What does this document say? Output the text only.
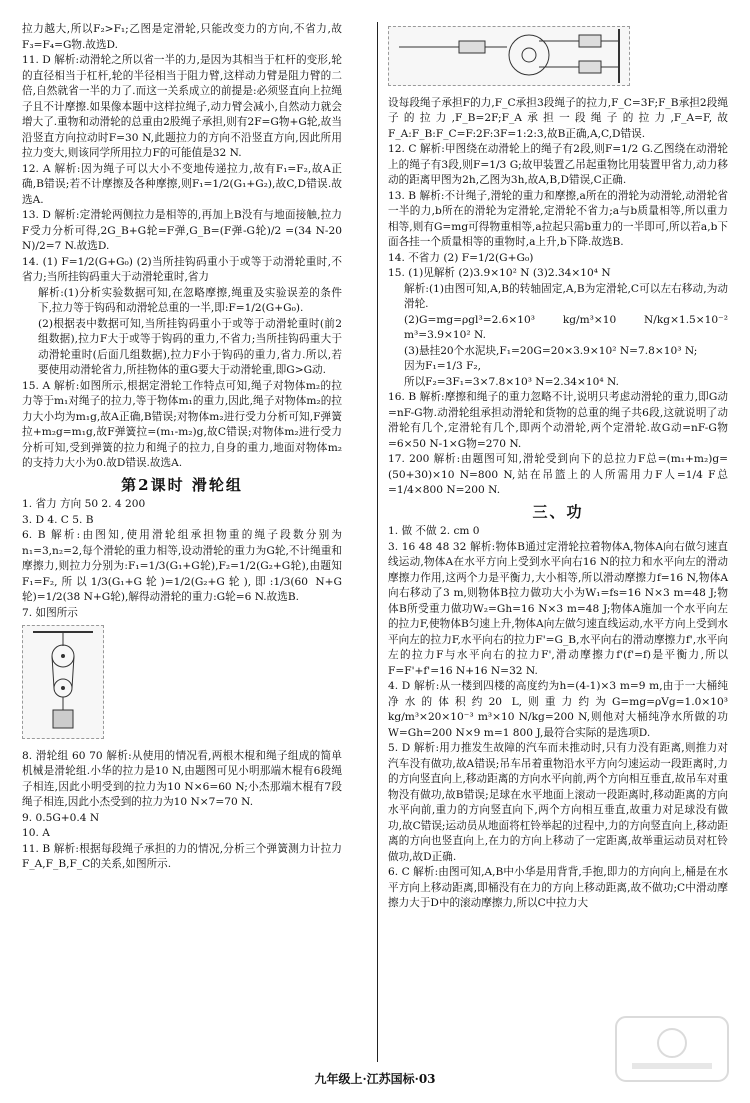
拉力越大,所以F₂>F₁;乙图是定滑轮,只能改变力的方向,不省力,故F₃=F₄=G物.故选D.

11. D 解析:动滑轮之所以省一半的力,是因为其相当于杠杆的变形,轮的直径相当于杠杆,轮的半径相当于阻力臂,这样动力臂是阻力臂的二倍,自然就省一半的力了.而这一关系成立的前提是:必须竖直向上拉绳子且不计摩擦.如果像本题中这样拉绳子,动力臂会减小,自然动力就会增大了.重物和动滑轮的总重由2股绳子承担,则有2F=G物+G轮,故当沿竖直方向拉动时F=30 N,此题拉力的方向不沿竖直方向,因此所用拉力变大,则该同学所用拉力F的可能值是32 N.

12. A 解析:因为绳子可以大小不变地传递拉力,故有F₁=F₂,故A正确,B错误;若不计摩擦及各种摩擦,则F₁=1/2(G₁+G₂),故C,D错误.故选A.

13. D 解析:定滑轮两侧拉力是相等的,再加上B没有与地面接触,拉力F受力分析可得,2G_B+G轮=F弹,G_B=(F弹-G轮)/2 =(34 N-20 N)/2=7 N.故选D.

14. (1) F=1/2(G+G₀) (2)当所挂钩码重小于或等于动滑轮重时,不省力;当所挂钩码重大于动滑轮重时,省力

解析:(1)分析实验数据可知,在忽略摩擦,绳重及实验误差的条件下,拉力等于钩码和动滑轮总重的一半,即:F=1/2(G+G₀).

(2)根据表中数据可知,当所挂钩码重小于或等于动滑轮重时(前2组数据),拉力F大于或等于钩码的重力,不省力;当所挂钩码重大于动滑轮重时(后面几组数据),拉力F小于钩码的重力,省力.所以,若要使用动滑轮省力,所挂物体的重G要大于动滑轮重,即G>G动.

15. A 解析:如图所示,根据定滑轮工作特点可知,绳子对物体m₂的拉力等于m₁对绳子的拉力,等于物体m₁的重力,因此,绳子对物体m₂的拉力大小均为m₁g,故A正确,B错误;对物体m₂进行受力分析可知,F弹簧拉+m₂g=m₁g,故F弹簧拉=(m₁-m₂)g,故C错误;对物体m₂进行受力分析可知,受到弹簧的拉力和绳子的拉力,自身的重力,地面对物体m₂的支持力大小为0.故D错误.故选A.

第2课时 滑轮组

1. 省力 方向 50 2. 4 200

3. D 4. C 5. B

6. B 解析:由图知,使用滑轮组承担物重的绳子段数分别为n₁=3,n₂=2,每个滑轮的重力相等,设动滑轮的重力为G轮,不计绳重和摩擦力,则拉力分别为:F₁=1/3(G₁+G轮),F₂=1/2(G₂+G轮),由题知F₁=F₂,所以1/3(G₁+G轮)=1/2(G₂+G轮),即:1/3(60 N+G轮)=1/2(38 N+G轮),解得动滑轮的重力:G轮=6 N.故选B.

7. 如图所示

8. 滑轮组 60 70 解析:从使用的情况看,两根木棍和绳子组成的简单机械是滑轮组.小华的拉力是10 N,由题图可见小明那端木棍有6段绳子相连,因此小明受到的拉力为10 N×6=60 N;小杰那端木棍有7段绳子相连,因此小杰受到的拉力为10 N×7=70 N.

9. 0.5G+0.4 N

10. A

11. B 解析:根据每段绳子承担的力的情况,分析三个弹簧测力计拉力F_A,F_B,F_C的关系,如图所示.

设每段绳子承担F的力,F_C承担3段绳子的拉力,F_C=3F;F_B承担2段绳子的拉力,F_B=2F;F_A承担一段绳子的拉力,F_A=F,故F_A:F_B:F_C=F:2F:3F=1:2:3,故B正确,A,C,D错误.

12. C 解析:甲图绕在动滑轮上的绳子有2段,则F=1/2 G.乙图绕在动滑轮上的绳子有3段,则F=1/3 G;故甲装置乙吊起重物比用装置甲省力,动力移动的距离甲图为2h,乙图为3h,故A,B,D错误,C正确.

13. B 解析:不计绳子,滑轮的重力和摩擦,a所在的滑轮为动滑轮,动滑轮省一半的力,b所在的滑轮为定滑轮,定滑轮不省力;a与b质量相等,所以重力相等,则有G=mg可得物重相等,a拉起只需b重力的一半即可,所以若a,b下面各挂一个质量相等的重物时,a上升,b下降.故选B.

14. 不省力 (2) F=1/2(G+G₀)

15. (1)见解析 (2)3.9×10² N (3)2.34×10⁴ N

解析:(1)由图可知,A,B的转轴固定,A,B为定滑轮,C可以左右移动,为动滑轮.

(2)G=mg=ρgl³=2.6×10³ kg/m³×10 N/kg×1.5×10⁻² m³=3.9×10² N.

(3)悬挂20个水泥块,F₁=20G=20×3.9×10² N=7.8×10³ N;

因为F₁=1/3 F₂,

所以F₂=3F₁=3×7.8×10³ N=2.34×10⁴ N.

16. B 解析:摩擦和绳子的重力忽略不计,说明只考虑动滑轮的重力,即G动=nF-G物.动滑轮组承担动滑轮和货物的总重的绳子共6段,这就说明了动滑轮有几个,定滑轮有几个,即两个动滑轮,两个定滑轮.故G动=nF-G物=6×50 N-1×G物=270 N.

17. 200 解析:由题图可知,滑轮受到向下的总拉力F总=(m₁+m₂)g=(50+30)×10 N=800 N,站在吊篮上的人所需用力F人=1/4 F总=1/4×800 N=200 N.

三、功

1. 做 不做 2. cm 0

3. 16 48 48 32 解析:物体B通过定滑轮拉着物体A,物体A向右做匀速直线运动,物体A在水平方向上受到水平向右16 N的拉力和水平向左的滑动摩擦力作用,这两个力是平衡力,大小相等,所以滑动摩擦力f=16 N,物体A向右移动了3 m,则物体B拉力做功大小为W₁=fs=16 N×3 m=48 J;物体B所受重力做功W₂=Gh=16 N×3 m=48 J;物体A施加一个水平向左的拉力F,使物体B匀速上升,物体A向左做匀速直线运动,水平方向上受到水平向左的拉力F,水平向右的拉力F'=G_B,水平向右的滑动摩擦力f',水平向左的拉力F与水平向右的拉力F',滑动摩擦力f'(f'=f)是平衡力,所以F=F'+f'=16 N+16 N=32 N.

4. D 解析:从一楼到四楼的高度约为h=(4-1)×3 m=9 m,由于一大桶纯净水的体积约20 L,则重力约为G=mg=ρVg=1.0×10³ kg/m³×20×10⁻³ m³×10 N/kg=200 N,则他对大桶纯净水所做的功W=Gh=200 N×9 m=1 800 J,最符合实际的是选项D.

5. D 解析:用力推发生故障的汽车而未推动时,只有力没有距离,则推力对汽车没有做功,故A错误;吊车吊着重物沿水平方向匀速运动一段距离时,力的方向竖直向上,移动距离的方向水平向前,两个方向相互垂直,故吊车对重物没有做功,故B错误;足球在水平地面上滚动一段距离时,移动距离的方向水平向前,重力的方向竖直向下,两个方向相互垂直,故重力对足球没有做功,故C错误;运动员从地面将杠铃举起的过程中,力的方向竖直向上,移动距离的方向也竖直向上,在力的方向上移动了一定距离,故举重运动员对杠铃做功,故D正确.

6. C 解析:由图可知,A,B中小华是用背背,手抱,即力的方向向上,桶是在水平方向上移动距离,即桶没有在力的方向上移动距离,故不做功;C中滑动摩擦力大于D中的滚动摩擦力,所以C中拉力大

九年级上·江苏国标·03
